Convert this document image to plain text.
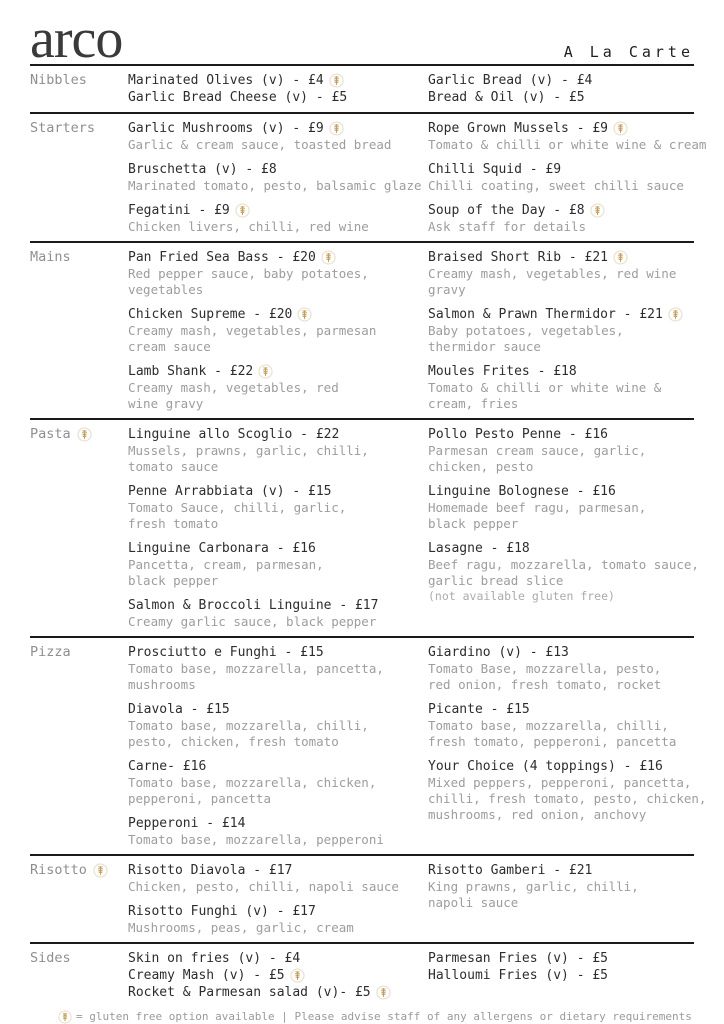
arco	A La Carte
Nibbles	Marinated Olives (v) - £4
Garlic Bread Cheese (v) - £5
Garlic Bread (v) - £4
Bread & Oil (v) - £5
Starters	Garlic Mushrooms (v) - £9
Garlic & cream sauce, toasted bread
Bruschetta (v) - £8
Marinated tomato, pesto, balsamic glaze
Fegatini - £9
Chicken livers, chilli, red wine
Rope Grown Mussels - £9
Tomato & chilli or white wine & cream
Chilli Squid - £9
Chilli coating, sweet chilli sauce
Soup of the Day - £8
Ask staff for details
Mains	Pan Fried Sea Bass - £20
Red pepper sauce, baby potatoes,
vegetables
Chicken Supreme - £20
Creamy mash, vegetables, parmesan
cream sauce
Lamb Shank - £22
Creamy mash, vegetables, red
wine gravy
Braised Short Rib - £21
Creamy mash, vegetables, red wine
gravy
Salmon & Prawn Thermidor - £21
Baby potatoes, vegetables,
thermidor sauce
Moules Frites - £18
Tomato & chilli or white wine &
cream, fries
Pasta	Linguine allo Scoglio - £22
Mussels, prawns, garlic, chilli,
tomato sauce
Penne Arrabbiata (v) - £15
Tomato Sauce, chilli, garlic,
fresh tomato
Linguine Carbonara - £16
Pancetta, cream, parmesan,
black pepper
Salmon & Broccoli Linguine - £17
Creamy garlic sauce, black pepper
Pollo Pesto Penne - £16
Parmesan cream sauce, garlic,
chicken, pesto
Linguine Bolognese - £16
Homemade beef ragu, parmesan,
black pepper
Lasagne - £18
Beef ragu, mozzarella, tomato sauce,
garlic bread slice
(not available gluten free)
Pizza	Prosciutto e Funghi - £15
Tomato base, mozzarella, pancetta,
mushrooms
Diavola - £15
Tomato base, mozzarella, chilli,
pesto, chicken, fresh tomato
Carne- £16
Tomato base, mozzarella, chicken,
pepperoni, pancetta
Pepperoni - £14
Tomato base, mozzarella, pepperoni
Giardino (v) - £13
Tomato Base, mozzarella, pesto,
red onion, fresh tomato, rocket
Picante - £15
Tomato base, mozzarella, chilli,
fresh tomato, pepperoni, pancetta
Your Choice (4 toppings) - £16
Mixed peppers, pepperoni, pancetta,
chilli, fresh tomato, pesto, chicken,
mushrooms, red onion, anchovy
Risotto	Risotto Diavola - £17
Chicken, pesto, chilli, napoli sauce
Risotto Funghi (v) - £17
Mushrooms, peas, garlic, cream
Risotto Gamberi - £21
King prawns, garlic, chilli,
napoli sauce
Sides	Skin on fries (v) - £4
Creamy Mash (v) - £5
Rocket & Parmesan salad (v)- £5
Parmesan Fries (v) - £5
Halloumi Fries (v) - £5
= gluten free option available | Please advise staff of any allergens or dietary requirements
